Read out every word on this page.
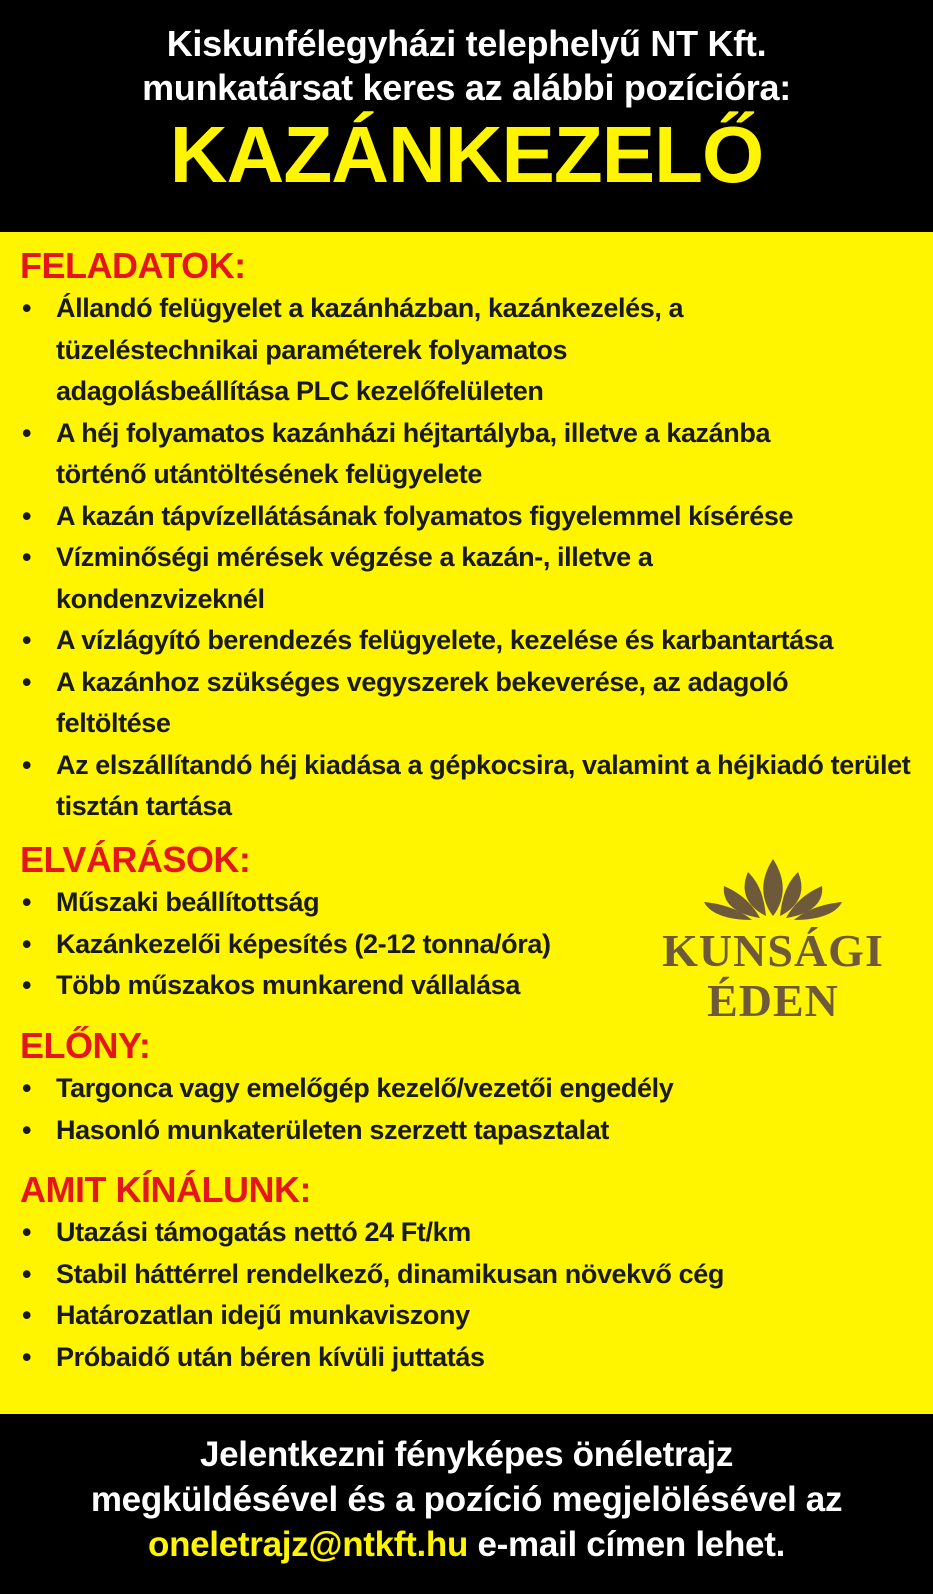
Kiskunfélegyházi telephelyű NT Kft.
munkatársat keres az alábbi pozícióra:
KAZÁNKEZELŐ
FELADATOK:
• Állandó felügyelet a kazánházban, kazánkezelés, a tüzeléstechnikai paraméterek folyamatos adagolásbeállítása PLC kezelőfelületen
• A héj folyamatos kazánházi héjtartályba, illetve a kazánba történő utántöltésének felügyelete
• A kazán tápvízellátásának folyamatos figyelemmel kísérése
• Vízminőségi mérések végzése a kazán-, illetve a kondenzvizeknél
• A vízlágyító berendezés felügyelete, kezelése és karbantartása
• A kazánhoz szükséges vegyszerek bekeverése, az adagoló feltöltése
• Az elszállítandó héj kiadása a gépkocsira, valamint a héjkiadó terület tisztán tartása
ELVÁRÁSOK:
• Műszaki beállítottság
• Kazánkezelői képesítés (2-12 tonna/óra)
• Több műszakos munkarend vállalása
ELŐNY:
• Targonca vagy emelőgép kezelő/vezetői engedély
• Hasonló munkaterületen szerzett tapasztalat
AMIT KÍNÁLUNK:
• Utazási támogatás nettó 24 Ft/km
• Stabil háttérrel rendelkező, dinamikusan növekvő cég
• Határozatlan idejű munkaviszony
• Próbaidő után béren kívüli juttatás
KUNSÁGI
ÉDEN
Jelentkezni fényképes önéletrajz
megküldésével és a pozíció megjelölésével az
oneletrajz@ntkft.hu e-mail címen lehet.
